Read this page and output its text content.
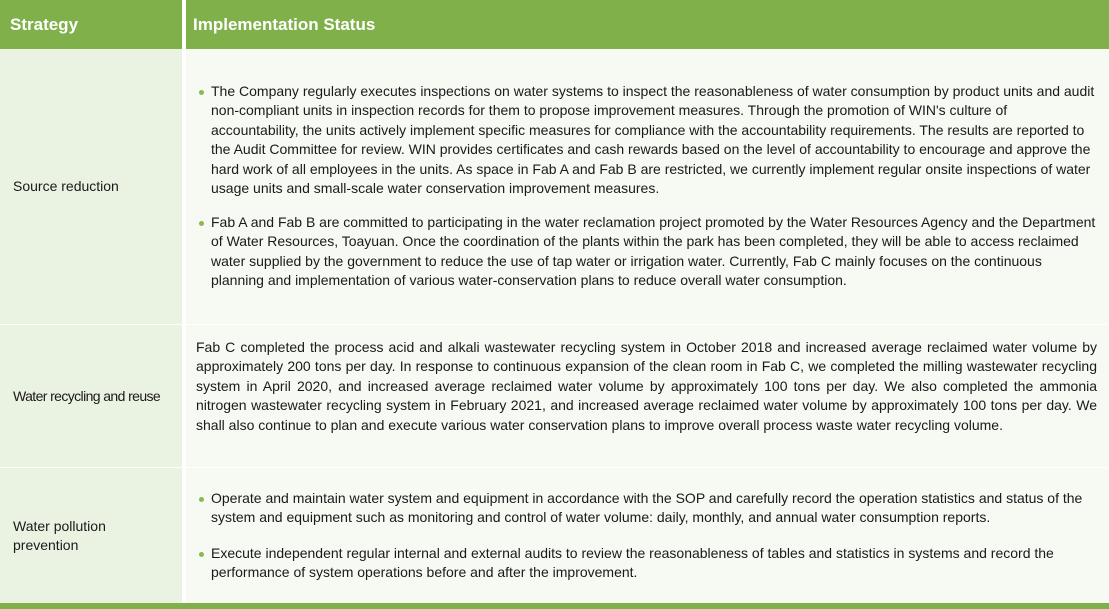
Strategy	Implementation Status
Source reduction
The Company regularly executes inspections on water systems to inspect the reasonableness of water consumption by product units and audit non-compliant units in inspection records for them to propose improvement measures. Through the promotion of WIN's culture of accountability, the units actively implement specific measures for compliance with the accountability requirements. The results are reported to the Audit Committee for review. WIN provides certificates and cash rewards based on the level of accountability to encourage and approve the hard work of all employees in the units. As space in Fab A and Fab B are restricted, we currently implement regular onsite inspections of water usage units and small-scale water conservation improvement measures.
Fab A and Fab B are committed to participating in the water reclamation project promoted by the Water Resources Agency and the Department of Water Resources, Toayuan. Once the coordination of the plants within the park has been completed, they will be able to access reclaimed water supplied by the government to reduce the use of tap water or irrigation water. Currently, Fab C mainly focuses on the continuous planning and implementation of various water-conservation plans to reduce overall water consumption.
Water recycling and reuse
Fab C completed the process acid and alkali wastewater recycling system in October 2018 and increased average reclaimed water volume by approximately 200 tons per day. In response to continuous expansion of the clean room in Fab C, we completed the milling wastewater recycling system in April 2020, and increased average reclaimed water volume by approximately 100 tons per day. We also completed the ammonia nitrogen wastewater recycling system in February 2021, and increased average reclaimed water volume by approximately 100 tons per day. We shall also continue to plan and execute various water conservation plans to improve overall process waste water recycling volume.
Water pollution prevention
Operate and maintain water system and equipment in accordance with the SOP and carefully record the operation statistics and status of the system and equipment such as monitoring and control of water volume: daily, monthly, and annual water consumption reports.
Execute independent regular internal and external audits to review the reasonableness of tables and statistics in systems and record the performance of system operations before and after the improvement.
